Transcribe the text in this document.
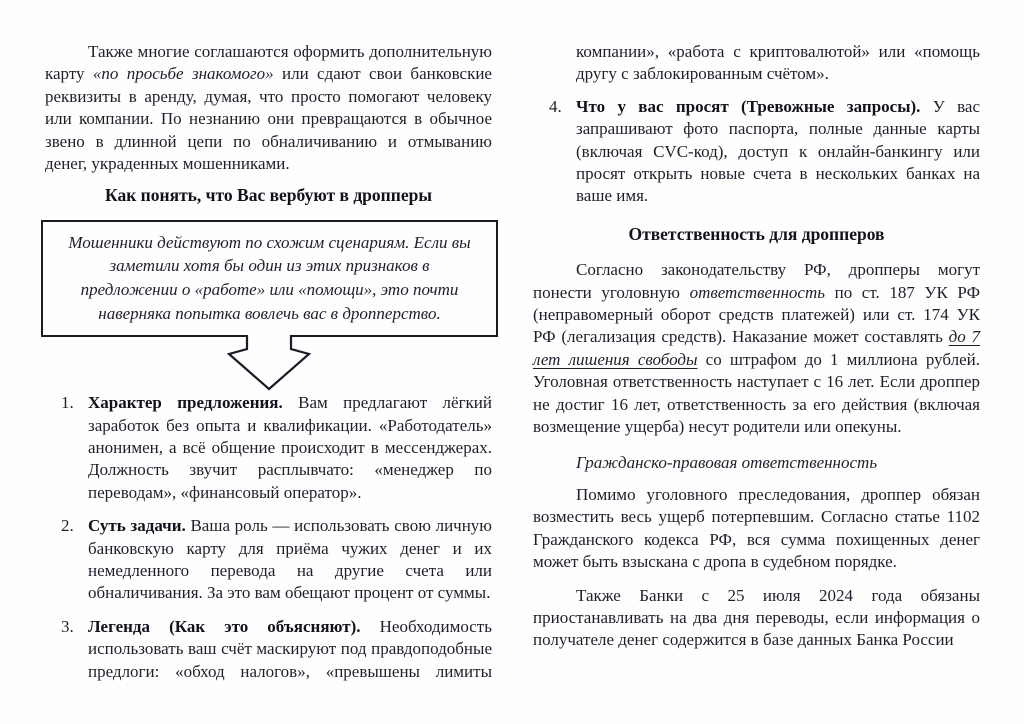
Также многие соглашаются оформить дополнительную карту «по просьбе знакомого» или сдают свои банковские реквизиты в аренду, думая, что просто помогают человеку или компании. По незнанию они превращаются в обычное звено в длинной цепи по обналичиванию и отмыванию денег, украденных мошенниками.

Как понять, что Вас вербуют в дропперы
Мошенники действуют по схожим сценариям. Если вы заметили хотя бы один из этих признаков в предложении о «работе» или «помощи», это почти наверняка попытка вовлечь вас в дропперство.
1. Характер предложения. Вам предлагают лёгкий заработок без опыта и квалификации. «Работодатель» анонимен, а всё общение происходит в мессенджерах. Должность звучит расплывчато: «менеджер по переводам», «финансовый оператор».
2. Суть задачи. Ваша роль — использовать свою личную банковскую карту для приёма чужих денег и их немедленного перевода на другие счета или обналичивания. За это вам обещают процент от суммы.
3. Легенда (Как это объясняют). Необходимость использовать ваш счёт маскируют под правдоподобные предлоги: «обход налогов», «превышены лимиты
компании», «работа с криптовалютой» или «помощь другу с заблокированным счётом».
4. Что у вас просят (Тревожные запросы). У вас запрашивают фото паспорта, полные данные карты (включая CVC-код), доступ к онлайн-банкингу или просят открыть новые счета в нескольких банках на ваше имя.
Ответственность для дропперов

Согласно законодательству РФ, дропперы могут понести уголовную ответственность по ст. 187 УК РФ (неправомерный оборот средств платежей) или ст. 174 УК РФ (легализация средств). Наказание может составлять до 7 лет лишения свободы со штрафом до 1 миллиона рублей. Уголовная ответственность наступает с 16 лет. Если дроппер не достиг 16 лет, ответственность за его действия (включая возмещение ущерба) несут родители или опекуны.

Гражданско-правовая ответственность

Помимо уголовного преследования, дроппер обязан возместить весь ущерб потерпевшим. Согласно статье 1102 Гражданского кодекса РФ, вся сумма похищенных денег может быть взыскана с дропа в судебном порядке.

Также Банки с 25 июля 2024 года обязаны приостанавливать на два дня переводы, если информация о получателе денег содержится в базе данных Банка России
